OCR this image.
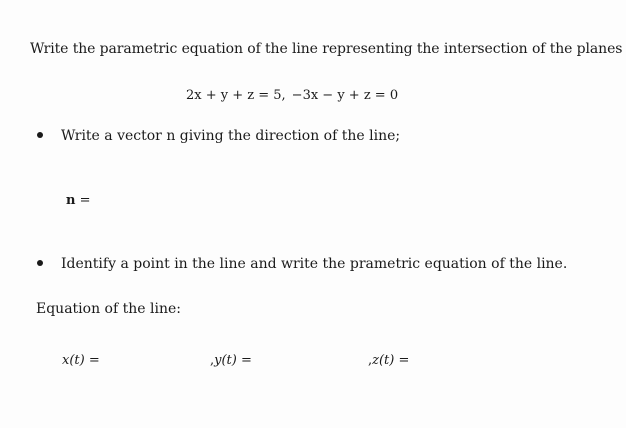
Write the parametric equation of the line representing the intersection of the planes
2x + y + z = 5, −3x − y + z = 0
Write a vector n giving the direction of the line;
n =
Identify a point in the line and write the prametric equation of the line.
Equation of the line:
x(t) =	,y(t) =	,z(t) =
